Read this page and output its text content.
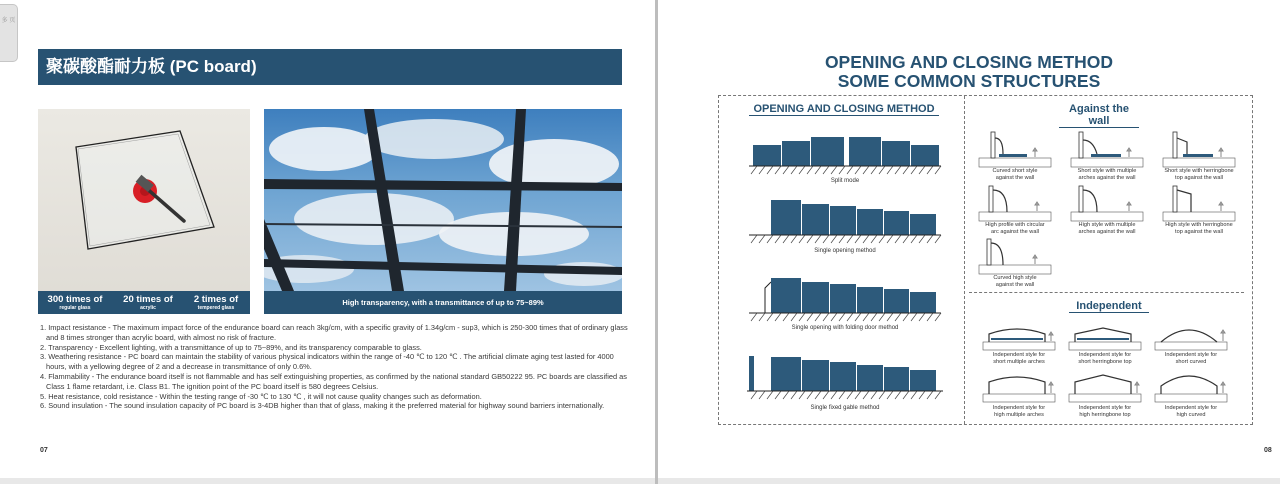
多 页
聚碳酸酯耐力板 (PC board)
300 times of
regular glass
20 times of
acrylic
2 times of
tempered glass
High transparency, with a transmittance of up to 75~89%
1. Impact resistance - The maximum impact force of the endurance board can reach 3kg/cm, with a specific gravity of 1.34g/cm - sup3, which is 250-300 times that of ordinary glass and 8 times stronger than acrylic board, with almost no risk of fracture.
2. Transparency - Excellent lighting, with a transmittance of up to 75~89%, and its transparency comparable to glass.
3. Weathering resistance - PC board can maintain the stability of various physical indicators within the range of -40 ℃ to 120 ℃ . The artificial climate aging test lasted for 4000 hours, with a yellowing degree of 2 and a decrease in transmittance of only 0.6%.
4. Flammability - The endurance board itself is not flammable and has self extinguishing properties, as confirmed by the national standard GB50222 95. PC boards are classified as Class 1 flame retardant, i.e. Class B1. The ignition point of the PC board itself is 580 degrees Celsius.
5. Heat resistance, cold resistance - Within the testing range of -30 ℃ to 130 ℃ , it will not cause quality changes such as deformation.
6. Sound insulation - The sound insulation capacity of PC board is 3-4DB higher than that of glass, making it the preferred material for highway sound barriers internationally.
07
OPENING AND CLOSING METHOD
SOME COMMON STRUCTURES
OPENING AND CLOSING METHOD	Against the wall
Independent
Split mode
Single opening method
Single opening with folding door method
Single fixed gable method
Curved short style
against the wall
Short style with multiple
arches against the wall
Short style with herringbone
top against the wall
High profile with circular
arc against the wall
High style with multiple
arches against the wall
High style with herringbone
top against the wall
Curved high style
against the wall
Independent style for
short multiple arches
Independent style for
short herringbone top
Independent style for
short curved
Independent style for
high multiple arches
Independent style for
high herringbone top
Independent style for
high curved
08
